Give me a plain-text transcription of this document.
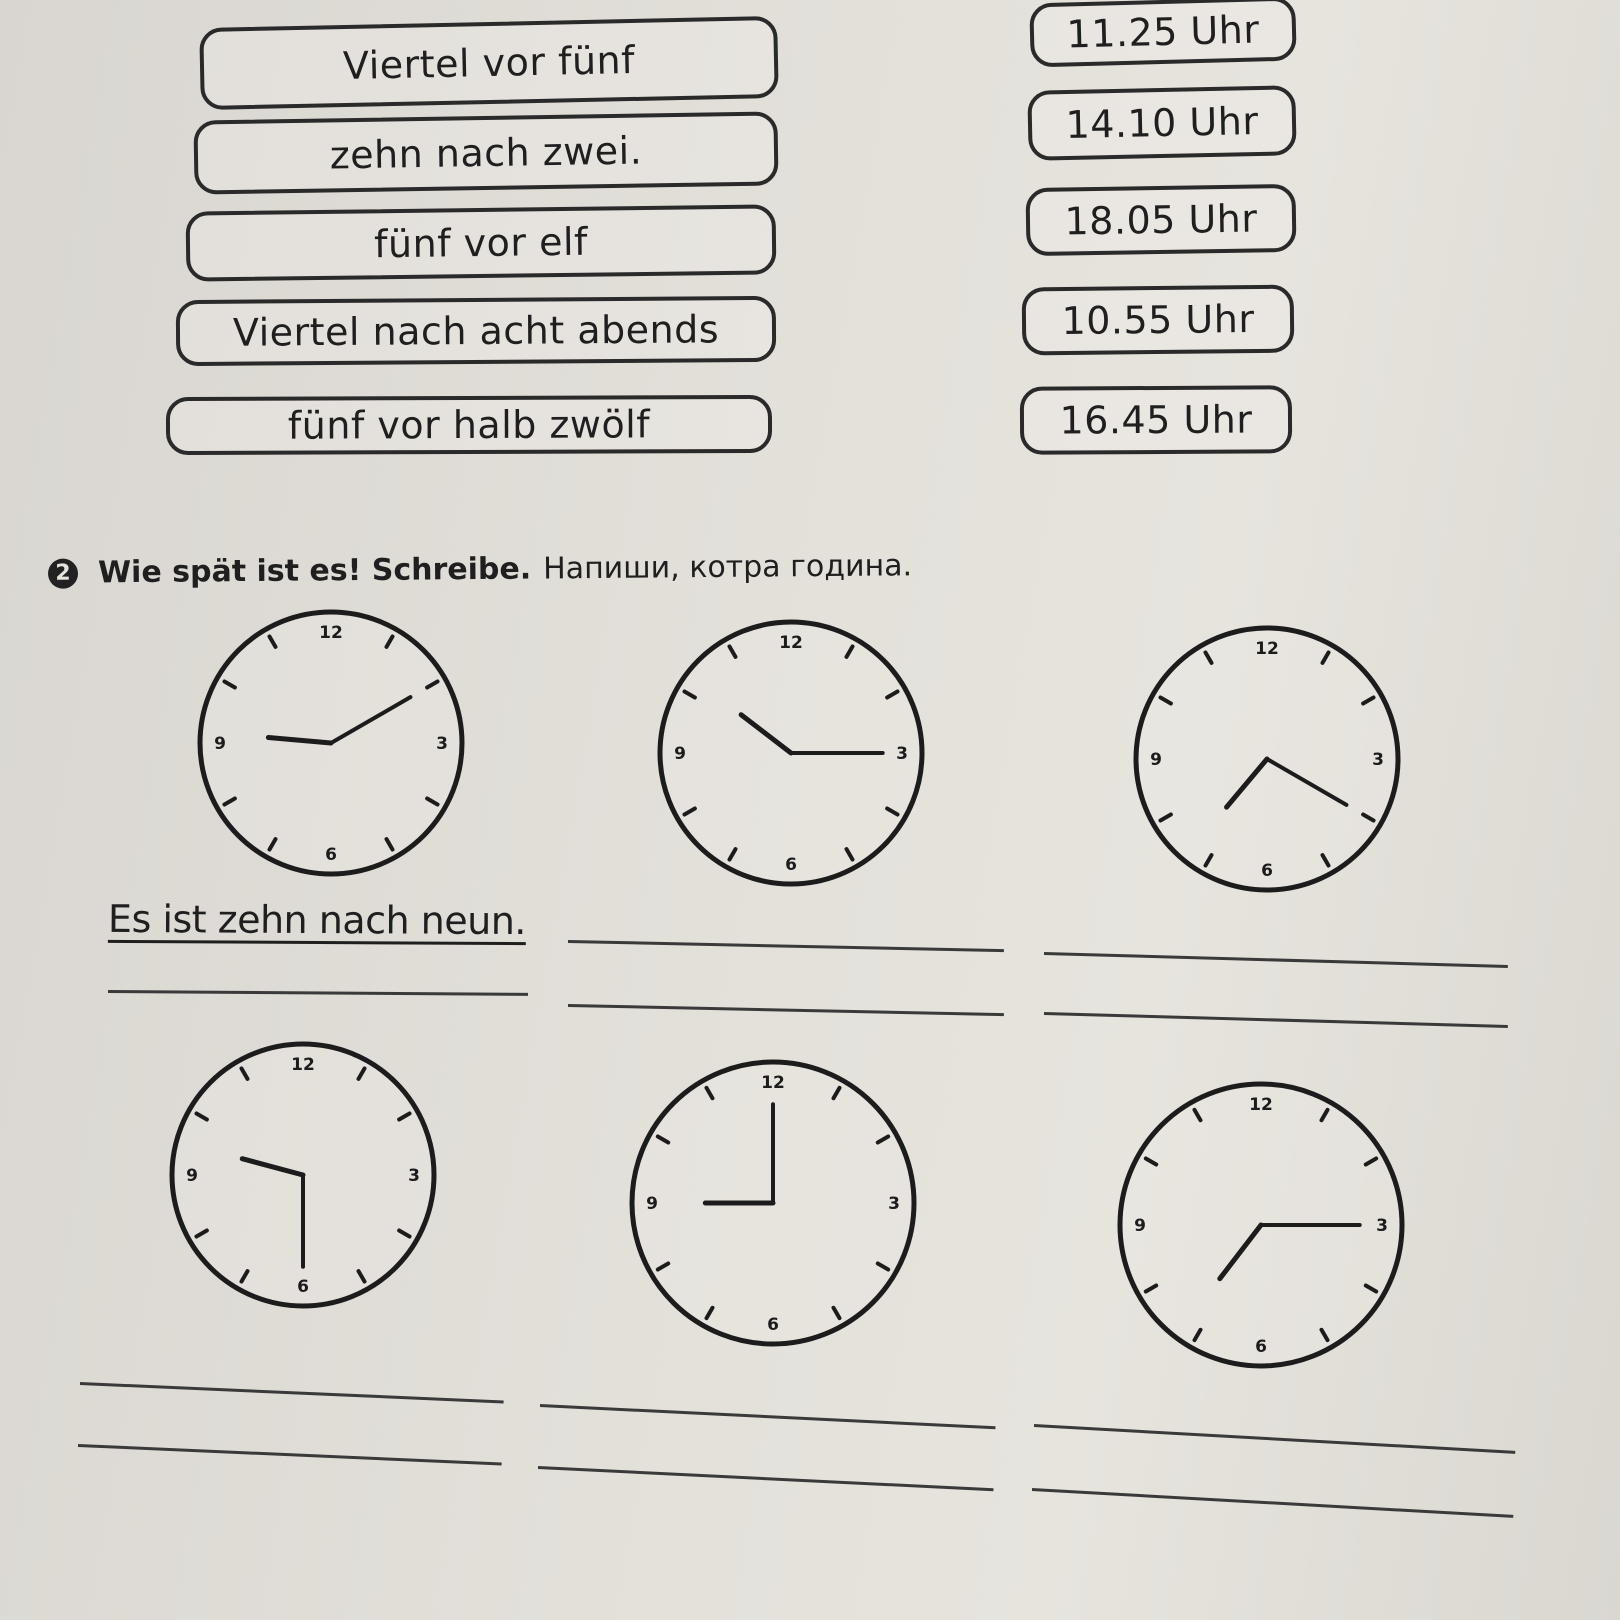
Viertel vor fünf
zehn nach zwei.
fünf vor elf
Viertel nach acht abends
fünf vor halb zwölf
11.25 Uhr
14.10 Uhr
18.05 Uhr
10.55 Uhr
16.45 Uhr
2 Wie spät ist es! Schreibe. Напиши, котра година.
12
3
6
9
12
3
6
9
12
3
6
9
12
3
6
9
12
3
6
9
12
3
6
9
Es ist zehn nach neun.
